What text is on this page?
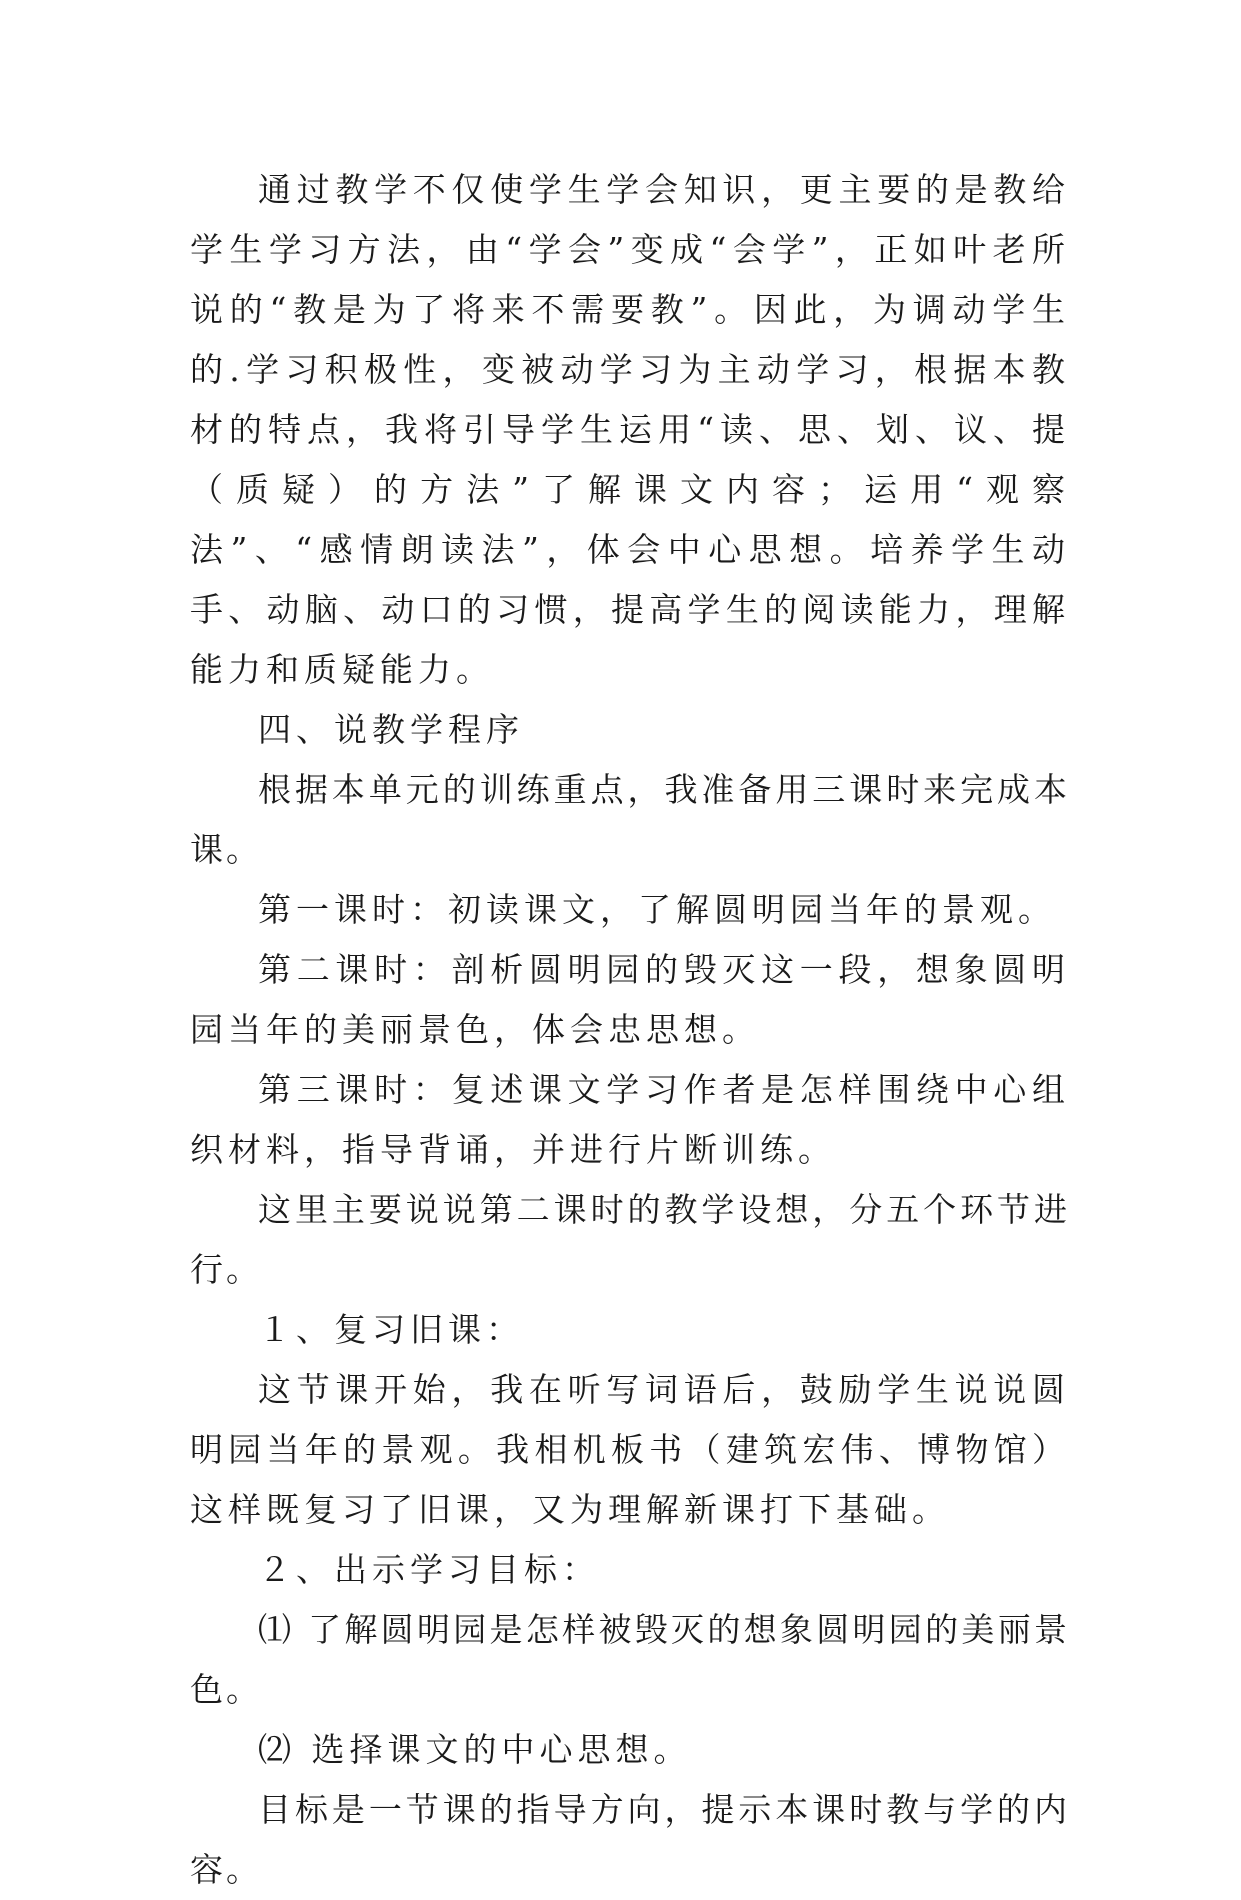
通过教学不仅使学生学会知识，更主要的是教给学生学习方法，由“学会”变成“会学”，正如叶老所说的“教是为了将来不需要教”。因此，为调动学生的.学习积极性，变被动学习为主动学习，根据本教材的特点，我将引导学生运用“读、思、划、议、提（质疑）的方法”了解课文内容；运用“观察法”、“感情朗读法”，体会中心思想。培养学生动手、动脑、动口的习惯，提高学生的阅读能力，理解能力和质疑能力。

四、说教学程序

根据本单元的训练重点，我准备用三课时来完成本课。

第一课时：初读课文，了解圆明园当年的景观。

第二课时：剖析圆明园的毁灭这一段，想象圆明园当年的美丽景色，体会忠思想。

第三课时：复述课文学习作者是怎样围绕中心组织材料，指导背诵，并进行片断训练。

这里主要说说第二课时的教学设想，分五个环节进行。

１、复习旧课：

这节课开始，我在听写词语后，鼓励学生说说圆明园当年的景观。我相机板书（建筑宏伟、博物馆）这样既复习了旧课，又为理解新课打下基础。

２、出示学习目标：

⑴ 了解圆明园是怎样被毁灭的想象圆明园的美丽景色。

⑵ 选择课文的中心思想。

目标是一节课的指导方向，提示本课时教与学的内容。
